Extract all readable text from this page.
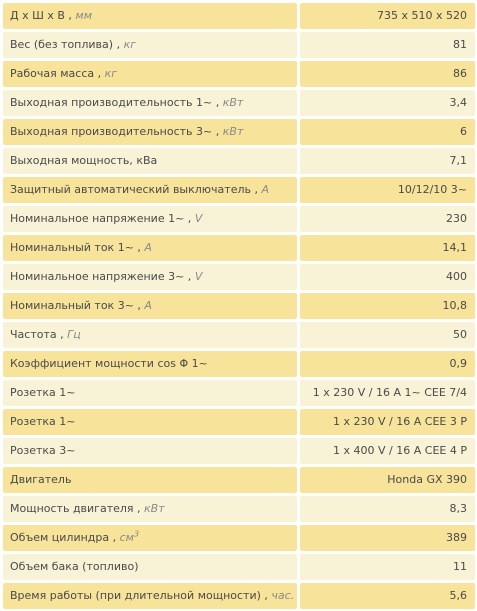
Д х Ш х В , мм	735 x 510 x 520
Вес (без топлива) , кг	81
Рабочая масса , кг	86
Выходная производительность 1~ , кВт	3,4
Выходная производительность 3~ , кВт	6
Выходная мощность, кВа	7,1
Защитный автоматический выключатель , A	10/12/10 3~
Номинальное напряжение 1~ , V	230
Номинальный ток 1~ , A	14,1
Номинальное напряжение 3~ , V	400
Номинальный ток 3~ , A	10,8
Частота , Гц	50
Коэффициент мощности cos Φ 1~	0,9
Розетка 1~	1 x 230 V / 16 A 1~ CEE 7/4
Розетка 1~	1 x 230 V / 16 A CEE 3 P
Розетка 3~	1 x 400 V / 16 A CEE 4 P
Двигатель	Honda GX 390
Мощность двигателя , кВт	8,3
Объем цилиндра , $см^3$	389
Объем бака (топливо)	11
Время работы (при длительной мощности) , час.	5,6
